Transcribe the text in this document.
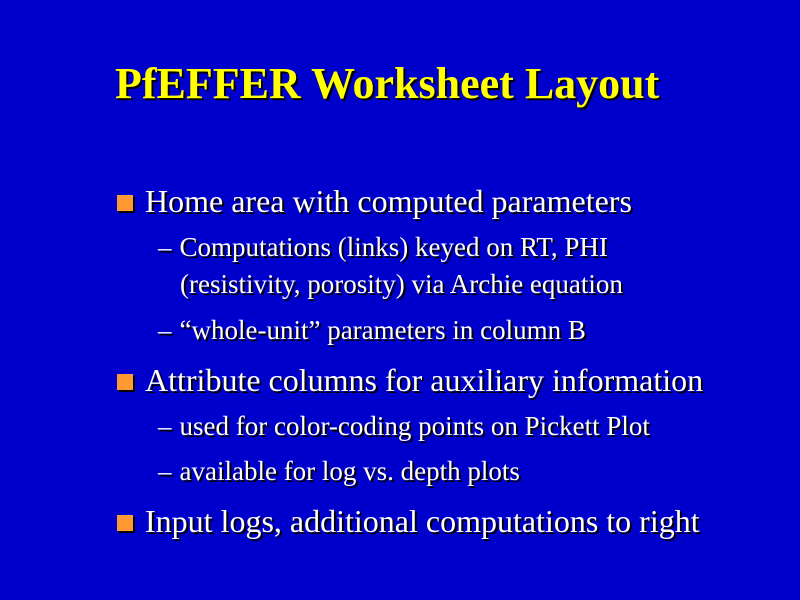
PfEFFER Worksheet Layout
Home area with computed parameters
– Computations (links) keyed on RT, PHI
(resistivity, porosity) via Archie equation
– “whole-unit” parameters in column B
Attribute columns for auxiliary information
– used for color-coding points on Pickett Plot
– available for log vs. depth plots
Input logs, additional computations to right
